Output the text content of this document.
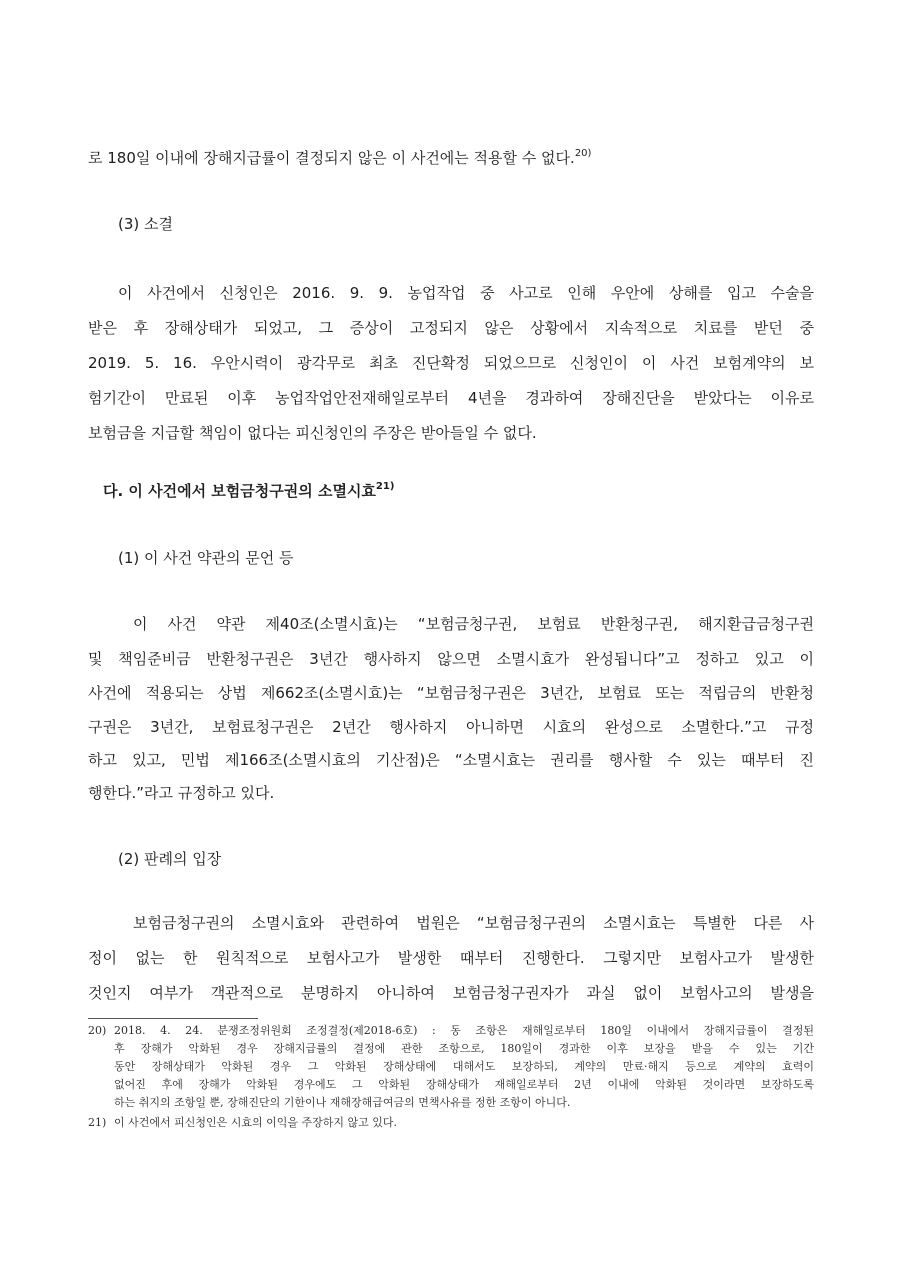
로 180일 이내에 장해지급률이 결정되지 않은 이 사건에는 적용할 수 없다.$^{20)}$
(3) 소결
이 사건에서 신청인은 2016. 9. 9. 농업작업 중 사고로 인해 우안에 상해를 입고 수술을
받은 후 장해상태가 되었고, 그 증상이 고정되지 않은 상황에서 지속적으로 치료를 받던 중
2019. 5. 16. 우안시력이 광각무로 최초 진단확정 되었으므로 신청인이 이 사건 보험계약의 보
험기간이 만료된 이후 농업작업안전재해일로부터 4년을 경과하여 장해진단을 받았다는 이유로
보험금을 지급할 책임이 없다는 피신청인의 주장은 받아들일 수 없다.
다. 이 사건에서 보험금청구권의 소멸시효$^{21)}$
(1) 이 사건 약관의 문언 등
이 사건 약관 제40조(소멸시효)는 “보험금청구권, 보험료 반환청구권, 해지환급금청구권
및 책임준비금 반환청구권은 3년간 행사하지 않으면 소멸시효가 완성됩니다”고 정하고 있고 이
사건에 적용되는 상법 제662조(소멸시효)는 “보험금청구권은 3년간, 보험료 또는 적립금의 반환청
구권은 3년간, 보험료청구권은 2년간 행사하지 아니하면 시효의 완성으로 소멸한다.”고 규정
하고 있고, 민법 제166조(소멸시효의 기산점)은 “소멸시효는 권리를 행사할 수 있는 때부터 진
행한다.”라고 규정하고 있다.
(2) 판례의 입장
보험금청구권의 소멸시효와 관련하여 법원은 “보험금청구권의 소멸시효는 특별한 다른 사
정이 없는 한 원칙적으로 보험사고가 발생한 때부터 진행한다. 그렇지만 보험사고가 발생한
것인지 여부가 객관적으로 분명하지 아니하여 보험금청구권자가 과실 없이 보험사고의 발생을
20) 2018. 4. 24. 분쟁조정위원회 조정결정(제2018-6호) : 동 조항은 재해일로부터 180일 이내에서 장해지급률이 결정된
후 장해가 악화된 경우 장해지급률의 결정에 관한 조항으로, 180일이 경과한 이후 보장을 받을 수 있는 기간
동안 장해상태가 악화된 경우 그 악화된 장해상태에 대해서도 보장하되, 계약의 만료·해지 등으로 계약의 효력이
없어진 후에 장해가 악화된 경우에도 그 악화된 장해상태가 재해일로부터 2년 이내에 악화된 것이라면 보장하도록
하는 취지의 조항일 뿐, 장해진단의 기한이나 재해장해급여금의 면책사유를 정한 조항이 아니다.
21) 이 사건에서 피신청인은 시효의 이익을 주장하지 않고 있다.
